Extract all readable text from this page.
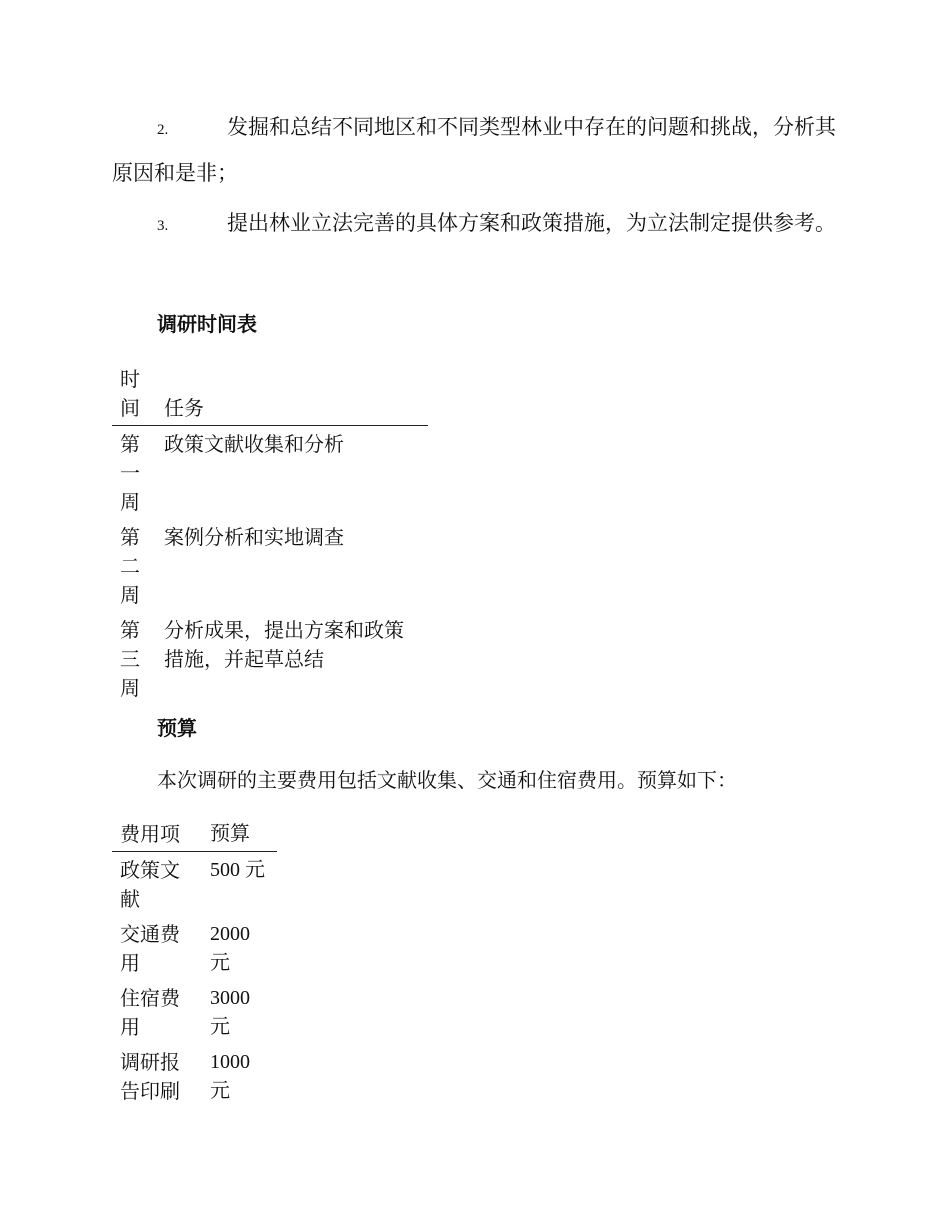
2.	发掘和总结不同地区和不同类型林业中存在的问题和挑战，分析其原因和是非；

3.	提出林业立法完善的具体方案和政策措施，为立法制定提供参考。

调研时间表
时间	任务
第一周	政策文献收集和分析
第二周	案例分析和实地调查
第三周	分析成果，提出方案和政策措施，并起草总结
预算

本次调研的主要费用包括文献收集、交通和住宿费用。预算如下：

费用项	预算
政策文献	500 元
交通费用	2000 元
住宿费用	3000 元
调研报告印刷	1000 元
